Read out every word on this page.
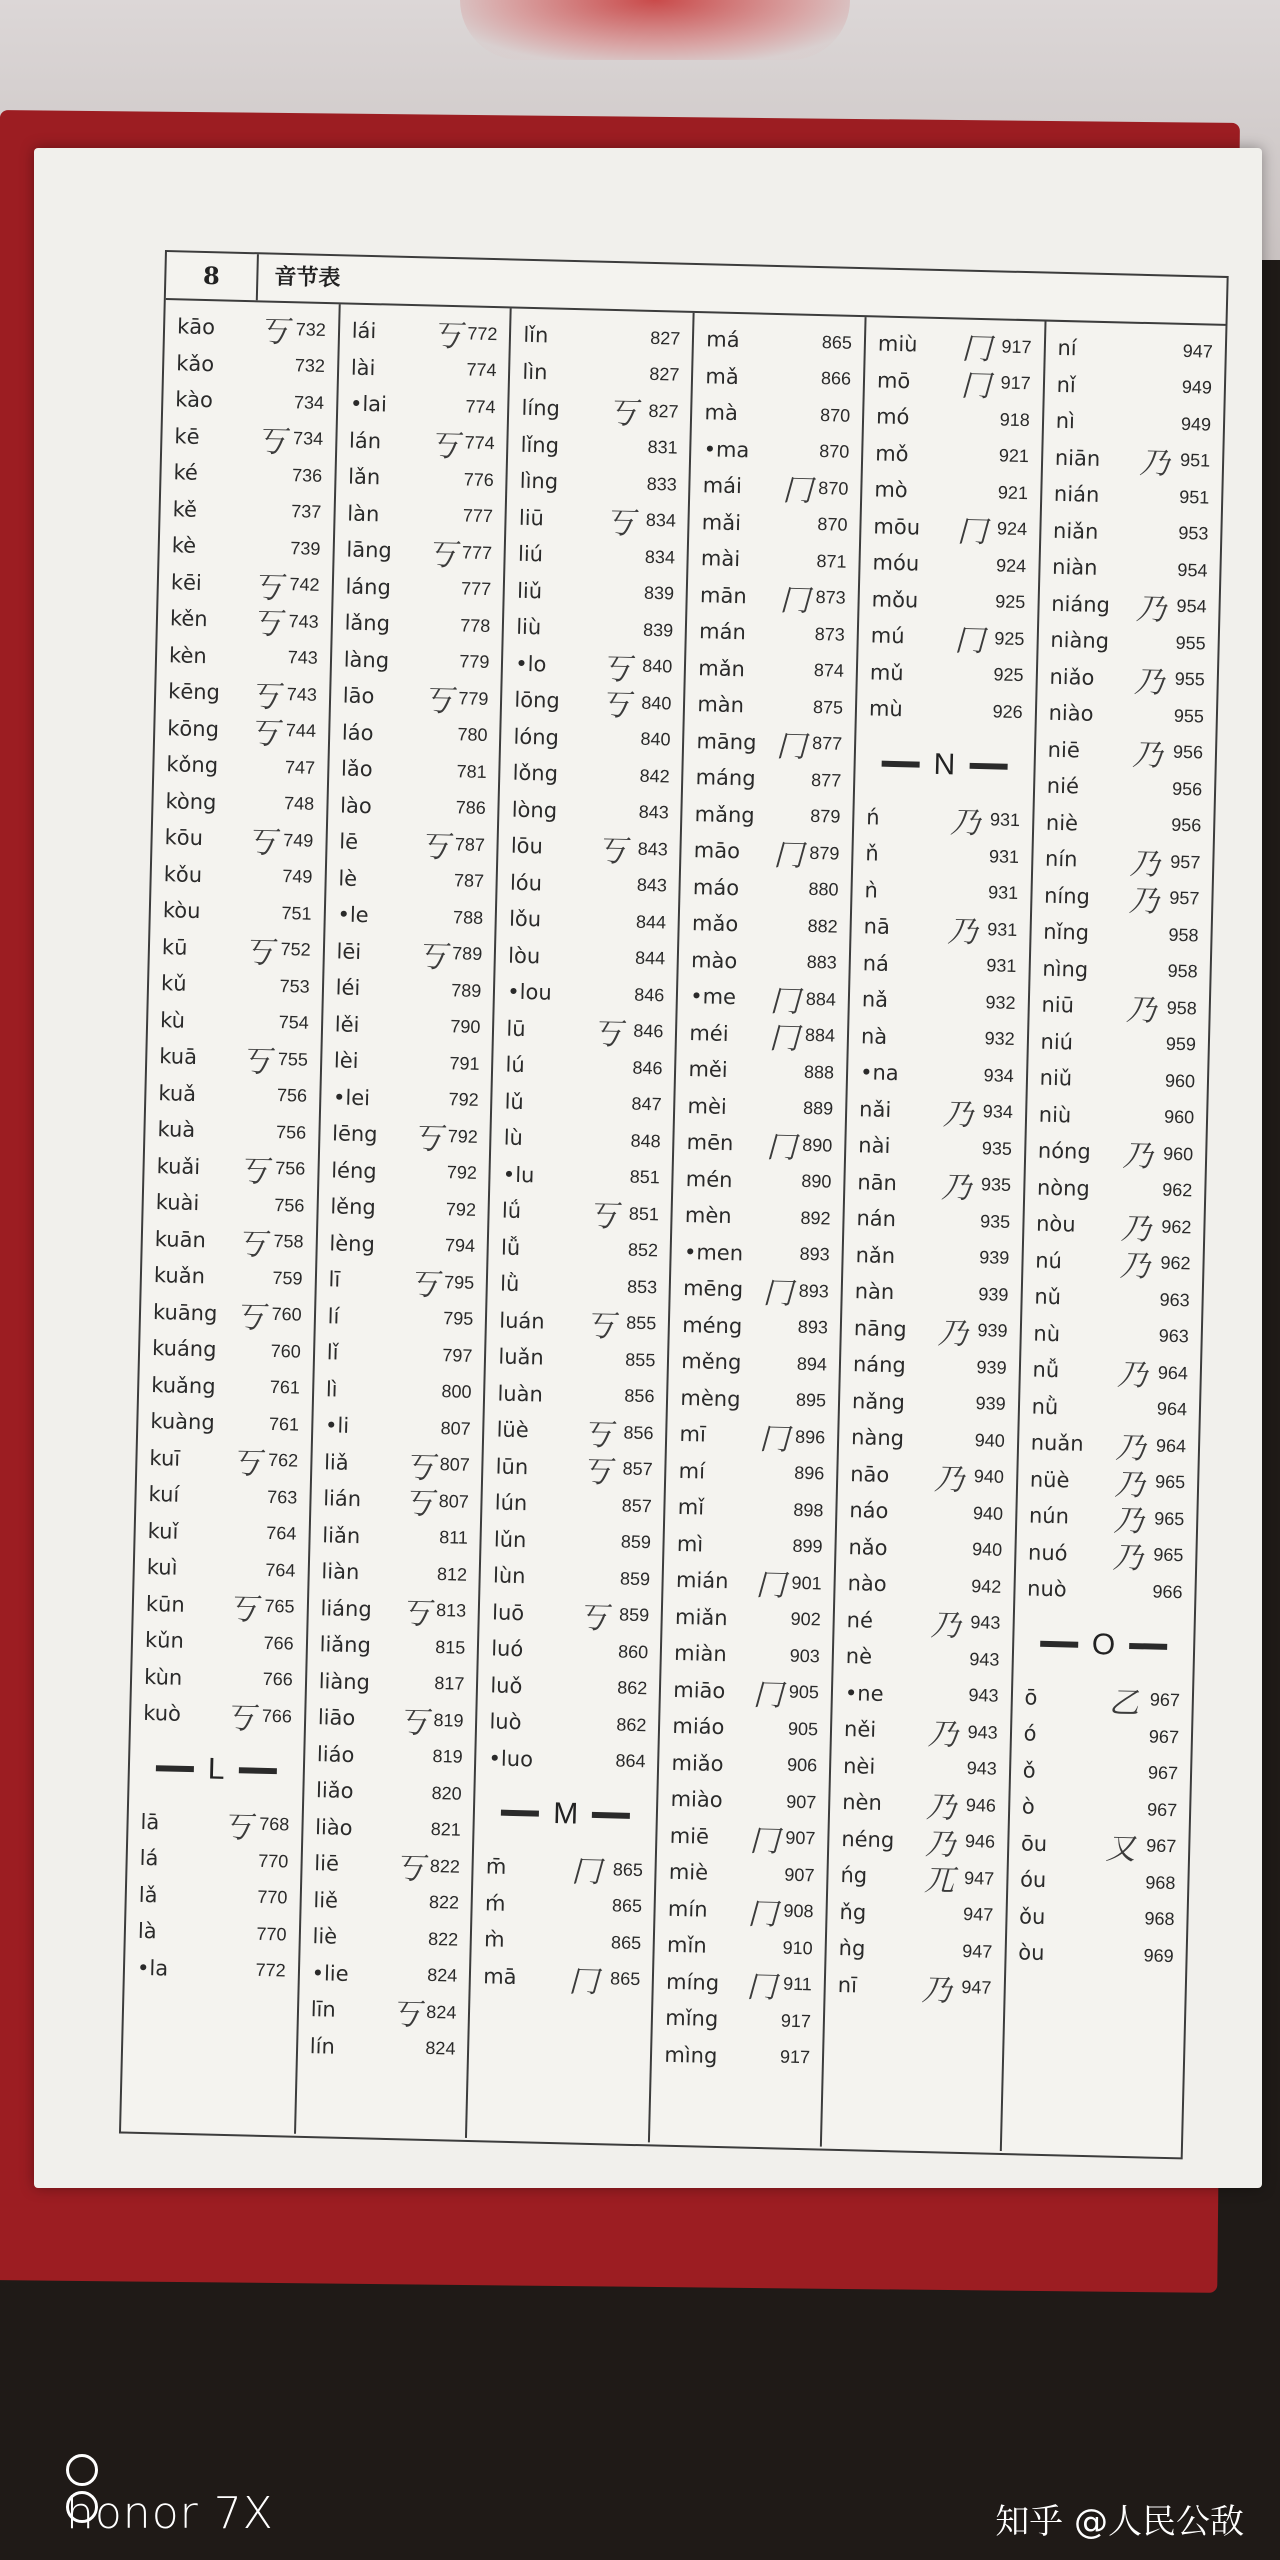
8	音节表
kāo	丂 732
kǎo	732
kào	734
kē	丂 734
ké	736
kě	737
kè	739
kēi	丂 742
kěn	丂 743
kèn	743
kēng 丂 743
kōng 丂 744
kǒng	747
kòng	748
kōu	丂 749
kǒu	749
kòu	751
kū	丂 752
kǔ	753
kù	754
kuā	丂 755
kuǎ	756
kuà	756
kuǎi	丂 756
kuài	756
kuān 丂 758
kuǎn	759
kuāng 丂 760
kuáng	760
kuǎng	761
kuàng	761
kuī	丂 762
kuí	763
kuǐ	764
kuì	764
kūn	丂 765
kǔn	766
kùn	766
kuò	丂 766
L
lā	丂 768
lá	770
lǎ	770
là	770
•la	772
lái	丂 772
lài	774
•lai	774
lán	丂 774
lǎn	776
làn	777
lāng	丂 777
láng	777
lǎng	778
làng	779
lāo	丂 779
láo	780
lǎo	781
lào	786
lē	丂 787
lè	787
•le	788
lēi	丂 789
léi	789
lěi	790
lèi	791
•lei	792
lēng	丂 792
léng	792
lěng	792
lèng	794
lī	丂 795
lí	795
lǐ	797
lì	800
•li	807
liǎ	丂 807
lián	丂 807
liǎn	811
liàn	812
liáng 丂 813
liǎng	815
liàng	817
liāo	丂 819
liáo	819
liǎo	820
liào	821
liē	丂 822
liě	822
liè	822
•lie	824
līn	丂 824
lín	824
lǐn	827
lìn	827
líng	丂 827
lǐng	831
lìng	833
liū	丂 834
liú	834
liǔ	839
liù	839
•lo	丂 840
lōng	丂 840
lóng	840
lǒng	842
lòng	843
lōu	丂 843
lóu	843
lǒu	844
lòu	844
•lou	846
lū	丂 846
lú	846
lǔ	847
lù	848
•lu	851
lǘ	丂 851
lǚ	852
lǜ	853
luán	丂 855
luǎn	855
luàn	856
lüè	丂 856
lūn	丂 857
lún	857
lǔn	859
lùn	859
luō	丂 859
luó	860
luǒ	862
luò	862
•luo	864
M
m̄	冂 865
ḿ	865
m̀	865
mā	冂 865
má	865
mǎ	866
mà	870
•ma	870
mái	冂 870
mǎi	870
mài	871
mān	冂 873
mán	873
mǎn	874
màn	875
māng 冂 877
máng	877
mǎng	879
māo	冂 879
máo	880
mǎo	882
mào	883
•me	冂 884
méi	冂 884
měi	888
mèi	889
mēn	冂 890
mén	890
mèn	892
•men	893
mēng 冂 893
méng	893
měng	894
mèng	895
mī	冂 896
mí	896
mǐ	898
mì	899
mián 冂 901
miǎn	902
miàn	903
miāo 冂 905
miáo	905
miǎo	906
miào	907
miē	冂 907
miè	907
mín	冂 908
mǐn	910
míng 冂 911
mǐng	917
mìng	917
miù	冂 917
mō	冂 917
mó	918
mǒ	921
mò	921
mōu	冂 924
móu	924
mǒu	925
mú	冂 925
mǔ	925
mù	926
N
ń	乃 931
ň	931
ǹ	931
nā	乃 931
ná	931
nǎ	932
nà	932
•na	934
nǎi	乃 934
nài	935
nān	乃 935
nán	935
nǎn	939
nàn	939
nāng	乃 939
náng	939
nǎng	939
nàng	940
nāo	乃 940
náo	940
nǎo	940
nào	942
né	乃 943
nè	943
•ne	943
něi	乃 943
nèi	943
nèn	乃 946
néng	乃 946
ńg	兀 947
ňg	947
ǹg	947
nī	乃 947
ní	947
nǐ	949
nì	949
niān	乃 951
nián	951
niǎn	953
niàn	954
niáng 乃 954
niàng	955
niǎo	乃 955
niào	955
niē	乃 956
nié	956
niè	956
nín	乃 957
níng	乃 957
nǐng	958
nìng	958
niū	乃 958
niú	959
niǔ	960
niù	960
nóng	乃 960
nòng	962
nòu	乃 962
nú	乃 962
nǔ	963
nù	963
nǚ	乃 964
nǜ	964
nuǎn	乃 964
nüè	乃 965
nún	乃 965
nuó	乃 965
nuò	966
O
ō	乙 967
ó	967
ǒ	967
ò	967
ōu	又 967
óu	968
ǒu	968
òu	969
honor 7X	知乎 @人民公敌
